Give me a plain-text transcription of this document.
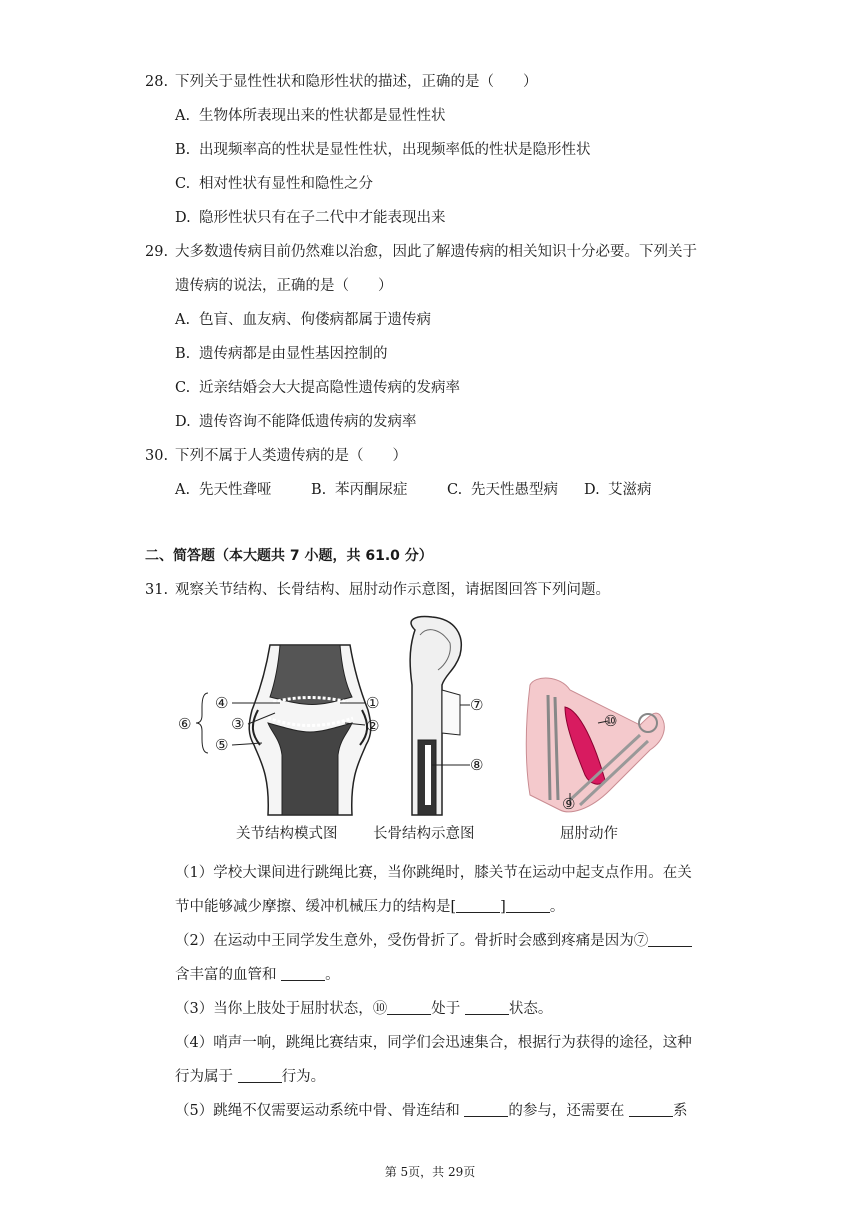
28. 下列关于显性性状和隐形性状的描述，正确的是（　　）
A. 生物体所表现出来的性状都是显性性状
B. 出现频率高的性状是显性性状，出现频率低的性状是隐形性状
C. 相对性状有显性和隐性之分
D. 隐形性状只有在子二代中才能表现出来
29. 大多数遗传病目前仍然难以治愈，因此了解遗传病的相关知识十分必要。下列关于
遗传病的说法，正确的是（　　）
A. 色盲、血友病、佝偻病都属于遗传病
B. 遗传病都是由显性基因控制的
C. 近亲结婚会大大提高隐性遗传病的发病率
D. 遗传咨询不能降低遗传病的发病率
30. 下列不属于人类遗传病的是（　　）
A. 先天性聋哑	B. 苯丙酮尿症	C. 先天性愚型病 D. 艾滋病
二、简答题（本大题共 7 小题，共 61.0 分）
31. 观察关节结构、长骨结构、屈肘动作示意图，请据图回答下列问题。
④	①
③	②
⑥
⑤
⑦
⑧
⑩
⑨
关节结构模式图 长骨结构示意图	屈肘动作
（1）学校大课间进行跳绳比赛，当你跳绳时，膝关节在运动中起支点作用。在关
节中能够减少摩擦、缓冲机械压力的结构是[	]	。
（2）在运动中王同学发生意外，受伤骨折了。骨折时会感到疼痛是因为⑦
含丰富的血管和	。
（3）当你上肢处于屈肘状态，⑩	处于	状态。
（4）哨声一响，跳绳比赛结束，同学们会迅速集合，根据行为获得的途径，这种
行为属于	行为。
（5）跳绳不仅需要运动系统中骨、骨连结和	的参与，还需要在	系
第 5页，共 29页
